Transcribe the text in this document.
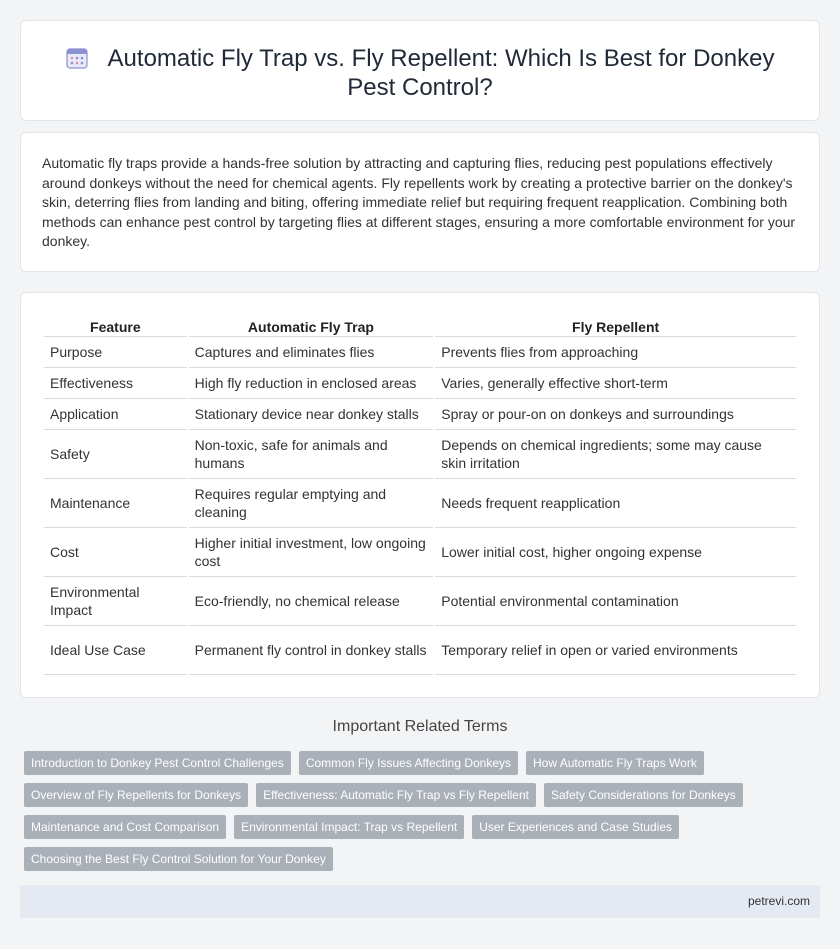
Automatic Fly Trap vs. Fly Repellent: Which Is Best for Donkey Pest Control?

Automatic fly traps provide a hands-free solution by attracting and capturing flies, reducing pest populations effectively around donkeys without the need for chemical agents. Fly repellents work by creating a protective barrier on the donkey's skin, deterring flies from landing and biting, offering immediate relief but requiring frequent reapplication. Combining both methods can enhance pest control by targeting flies at different stages, ensuring a more comfortable environment for your donkey.

Feature	Automatic Fly Trap	Fly Repellent
Purpose	Captures and eliminates flies	Prevents flies from approaching
Effectiveness	High fly reduction in enclosed areas	Varies, generally effective short-term
Application	Stationary device near donkey stalls	Spray or pour-on on donkeys and surroundings
Safety	Non-toxic, safe for animals and humans	Depends on chemical ingredients; some may cause skin irritation
Maintenance	Requires regular emptying and cleaning	Needs frequent reapplication
Cost	Higher initial investment, low ongoing cost	Lower initial cost, higher ongoing expense
Environmental Impact	Eco-friendly, no chemical release	Potential environmental contamination
Ideal Use Case	Permanent fly control in donkey stalls	Temporary relief in open or varied environments
Important Related Terms
Introduction to Donkey Pest Control Challenges	Common Fly Issues Affecting Donkeys	How Automatic Fly Traps Work
Overview of Fly Repellents for Donkeys	Effectiveness: Automatic Fly Trap vs Fly Repellent	Safety Considerations for Donkeys
Maintenance and Cost Comparison	Environmental Impact: Trap vs Repellent	User Experiences and Case Studies
Choosing the Best Fly Control Solution for Your Donkey
petrevi.com
